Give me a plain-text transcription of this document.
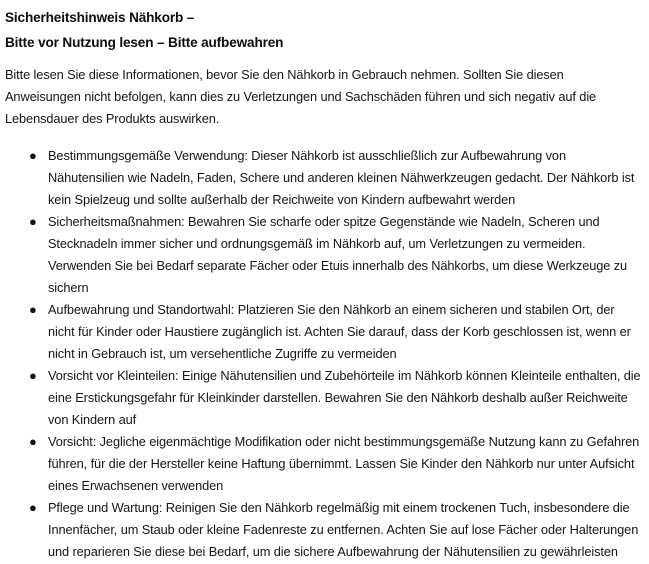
Sicherheitshinweis Nähkorb –
Bitte vor Nutzung lesen – Bitte aufbewahren

Bitte lesen Sie diese Informationen, bevor Sie den Nähkorb in Gebrauch nehmen. Sollten Sie diesen Anweisungen nicht befolgen, kann dies zu Verletzungen und Sachschäden führen und sich negativ auf die Lebensdauer des Produkts auswirken.

● Bestimmungsgemäße Verwendung: Dieser Nähkorb ist ausschließlich zur Aufbewahrung von Nähutensilien wie Nadeln, Faden, Schere und anderen kleinen Nähwerkzeugen gedacht. Der Nähkorb ist kein Spielzeug und sollte außerhalb der Reichweite von Kindern aufbewahrt werden
● Sicherheitsmaßnahmen: Bewahren Sie scharfe oder spitze Gegenstände wie Nadeln, Scheren und Stecknadeln immer sicher und ordnungsgemäß im Nähkorb auf, um Verletzungen zu vermeiden. Verwenden Sie bei Bedarf separate Fächer oder Etuis innerhalb des Nähkorbs, um diese Werkzeuge zu sichern
● Aufbewahrung und Standortwahl: Platzieren Sie den Nähkorb an einem sicheren und stabilen Ort, der nicht für Kinder oder Haustiere zugänglich ist. Achten Sie darauf, dass der Korb geschlossen ist, wenn er nicht in Gebrauch ist, um versehentliche Zugriffe zu vermeiden
● Vorsicht vor Kleinteilen: Einige Nähutensilien und Zubehörteile im Nähkorb können Kleinteile enthalten, die eine Erstickungsgefahr für Kleinkinder darstellen. Bewahren Sie den Nähkorb deshalb außer Reichweite von Kindern auf
● Vorsicht: Jegliche eigenmächtige Modifikation oder nicht bestimmungsgemäße Nutzung kann zu Gefahren führen, für die der Hersteller keine Haftung übernimmt. Lassen Sie Kinder den Nähkorb nur unter Aufsicht eines Erwachsenen verwenden
● Pflege und Wartung: Reinigen Sie den Nähkorb regelmäßig mit einem trockenen Tuch, insbesondere die Innenfächer, um Staub oder kleine Fadenreste zu entfernen. Achten Sie auf lose Fächer oder Halterungen und reparieren Sie diese bei Bedarf, um die sichere Aufbewahrung der Nähutensilien zu gewährleisten
